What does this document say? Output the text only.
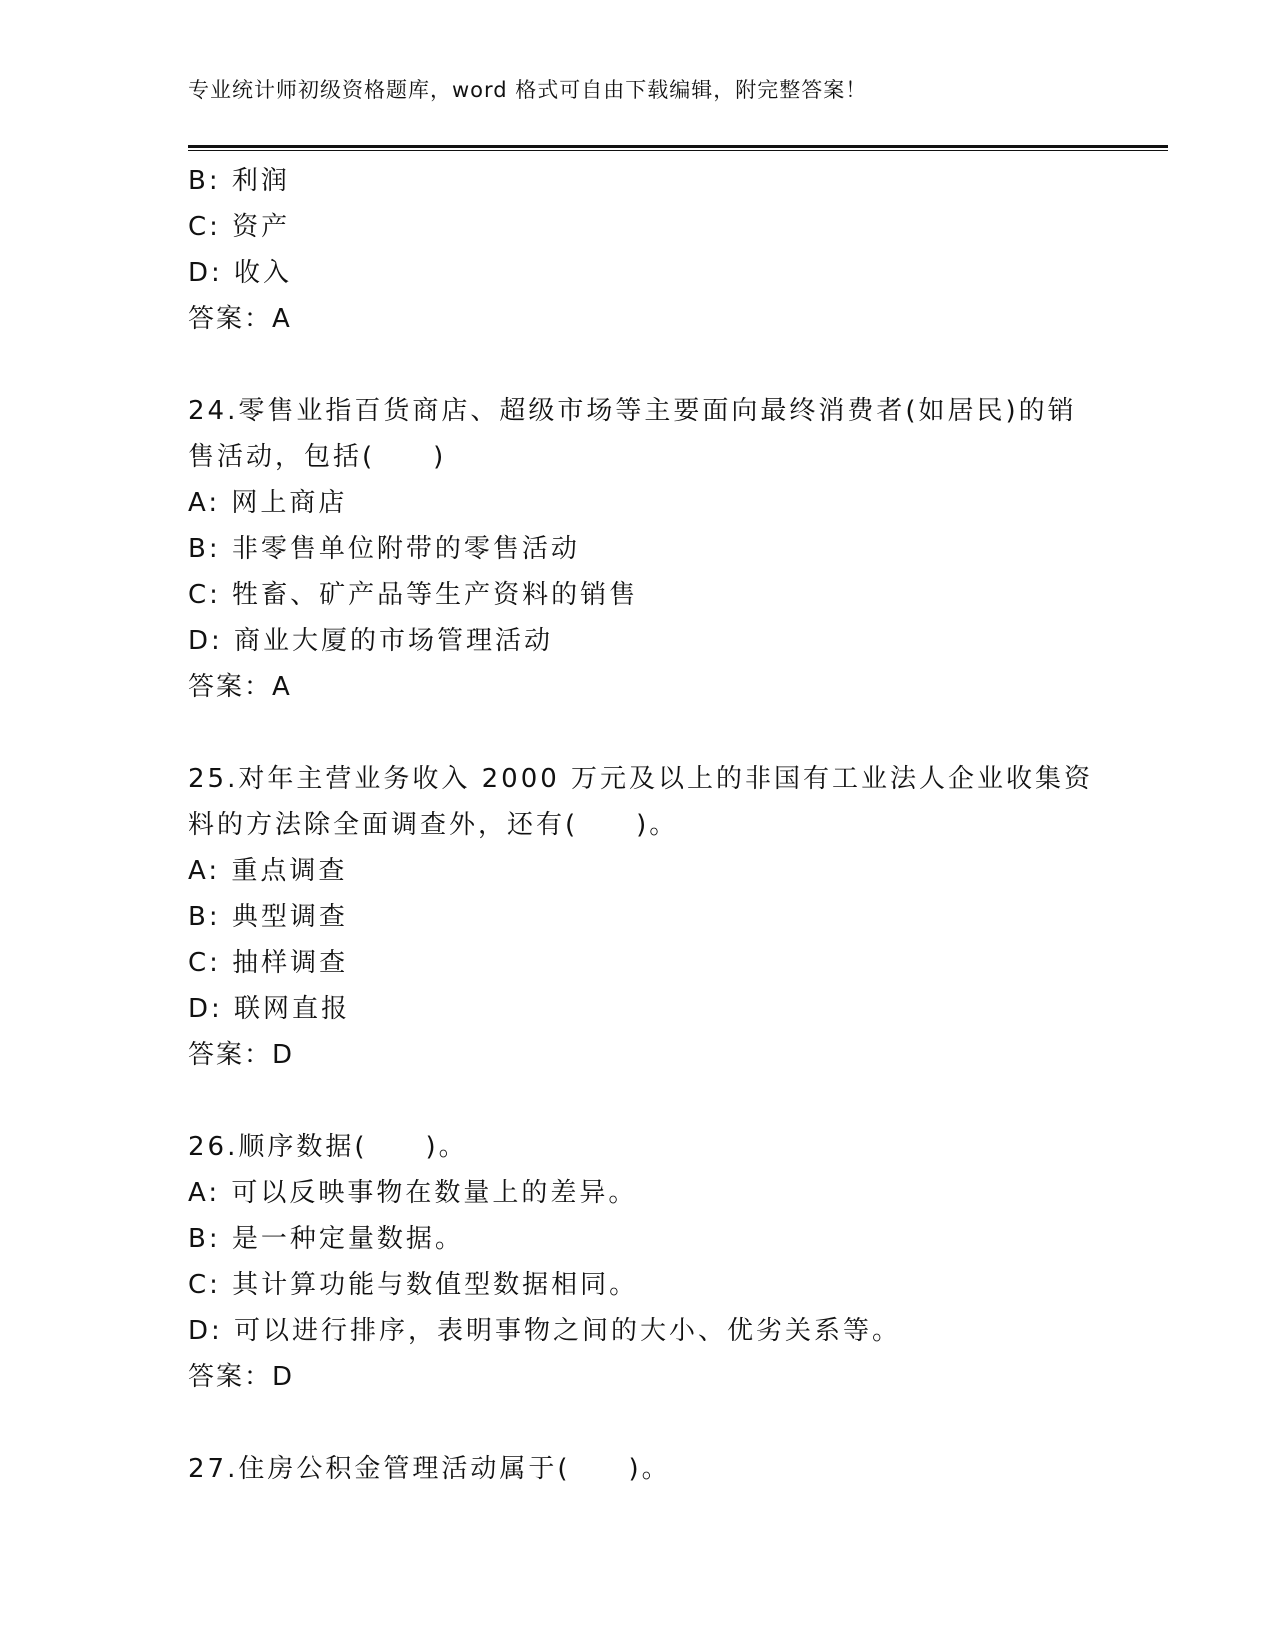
专业统计师初级资格题库，word 格式可自由下载编辑，附完整答案！
B: 利润
C: 资产
D: 收入
答案：A
24.零售业指百货商店、超级市场等主要面向最终消费者(如居民)的销
售活动，包括(　　)
A: 网上商店
B: 非零售单位附带的零售活动
C: 牲畜、矿产品等生产资料的销售
D: 商业大厦的市场管理活动
答案：A
25.对年主营业务收入 2000 万元及以上的非国有工业法人企业收集资
料的方法除全面调查外，还有(　　)。
A: 重点调查
B: 典型调查
C: 抽样调查
D: 联网直报
答案：D
26.顺序数据(　　)。
A: 可以反映事物在数量上的差异。
B: 是一种定量数据。
C: 其计算功能与数值型数据相同。
D: 可以进行排序，表明事物之间的大小、优劣关系等。
答案：D
27.住房公积金管理活动属于(　　)。
